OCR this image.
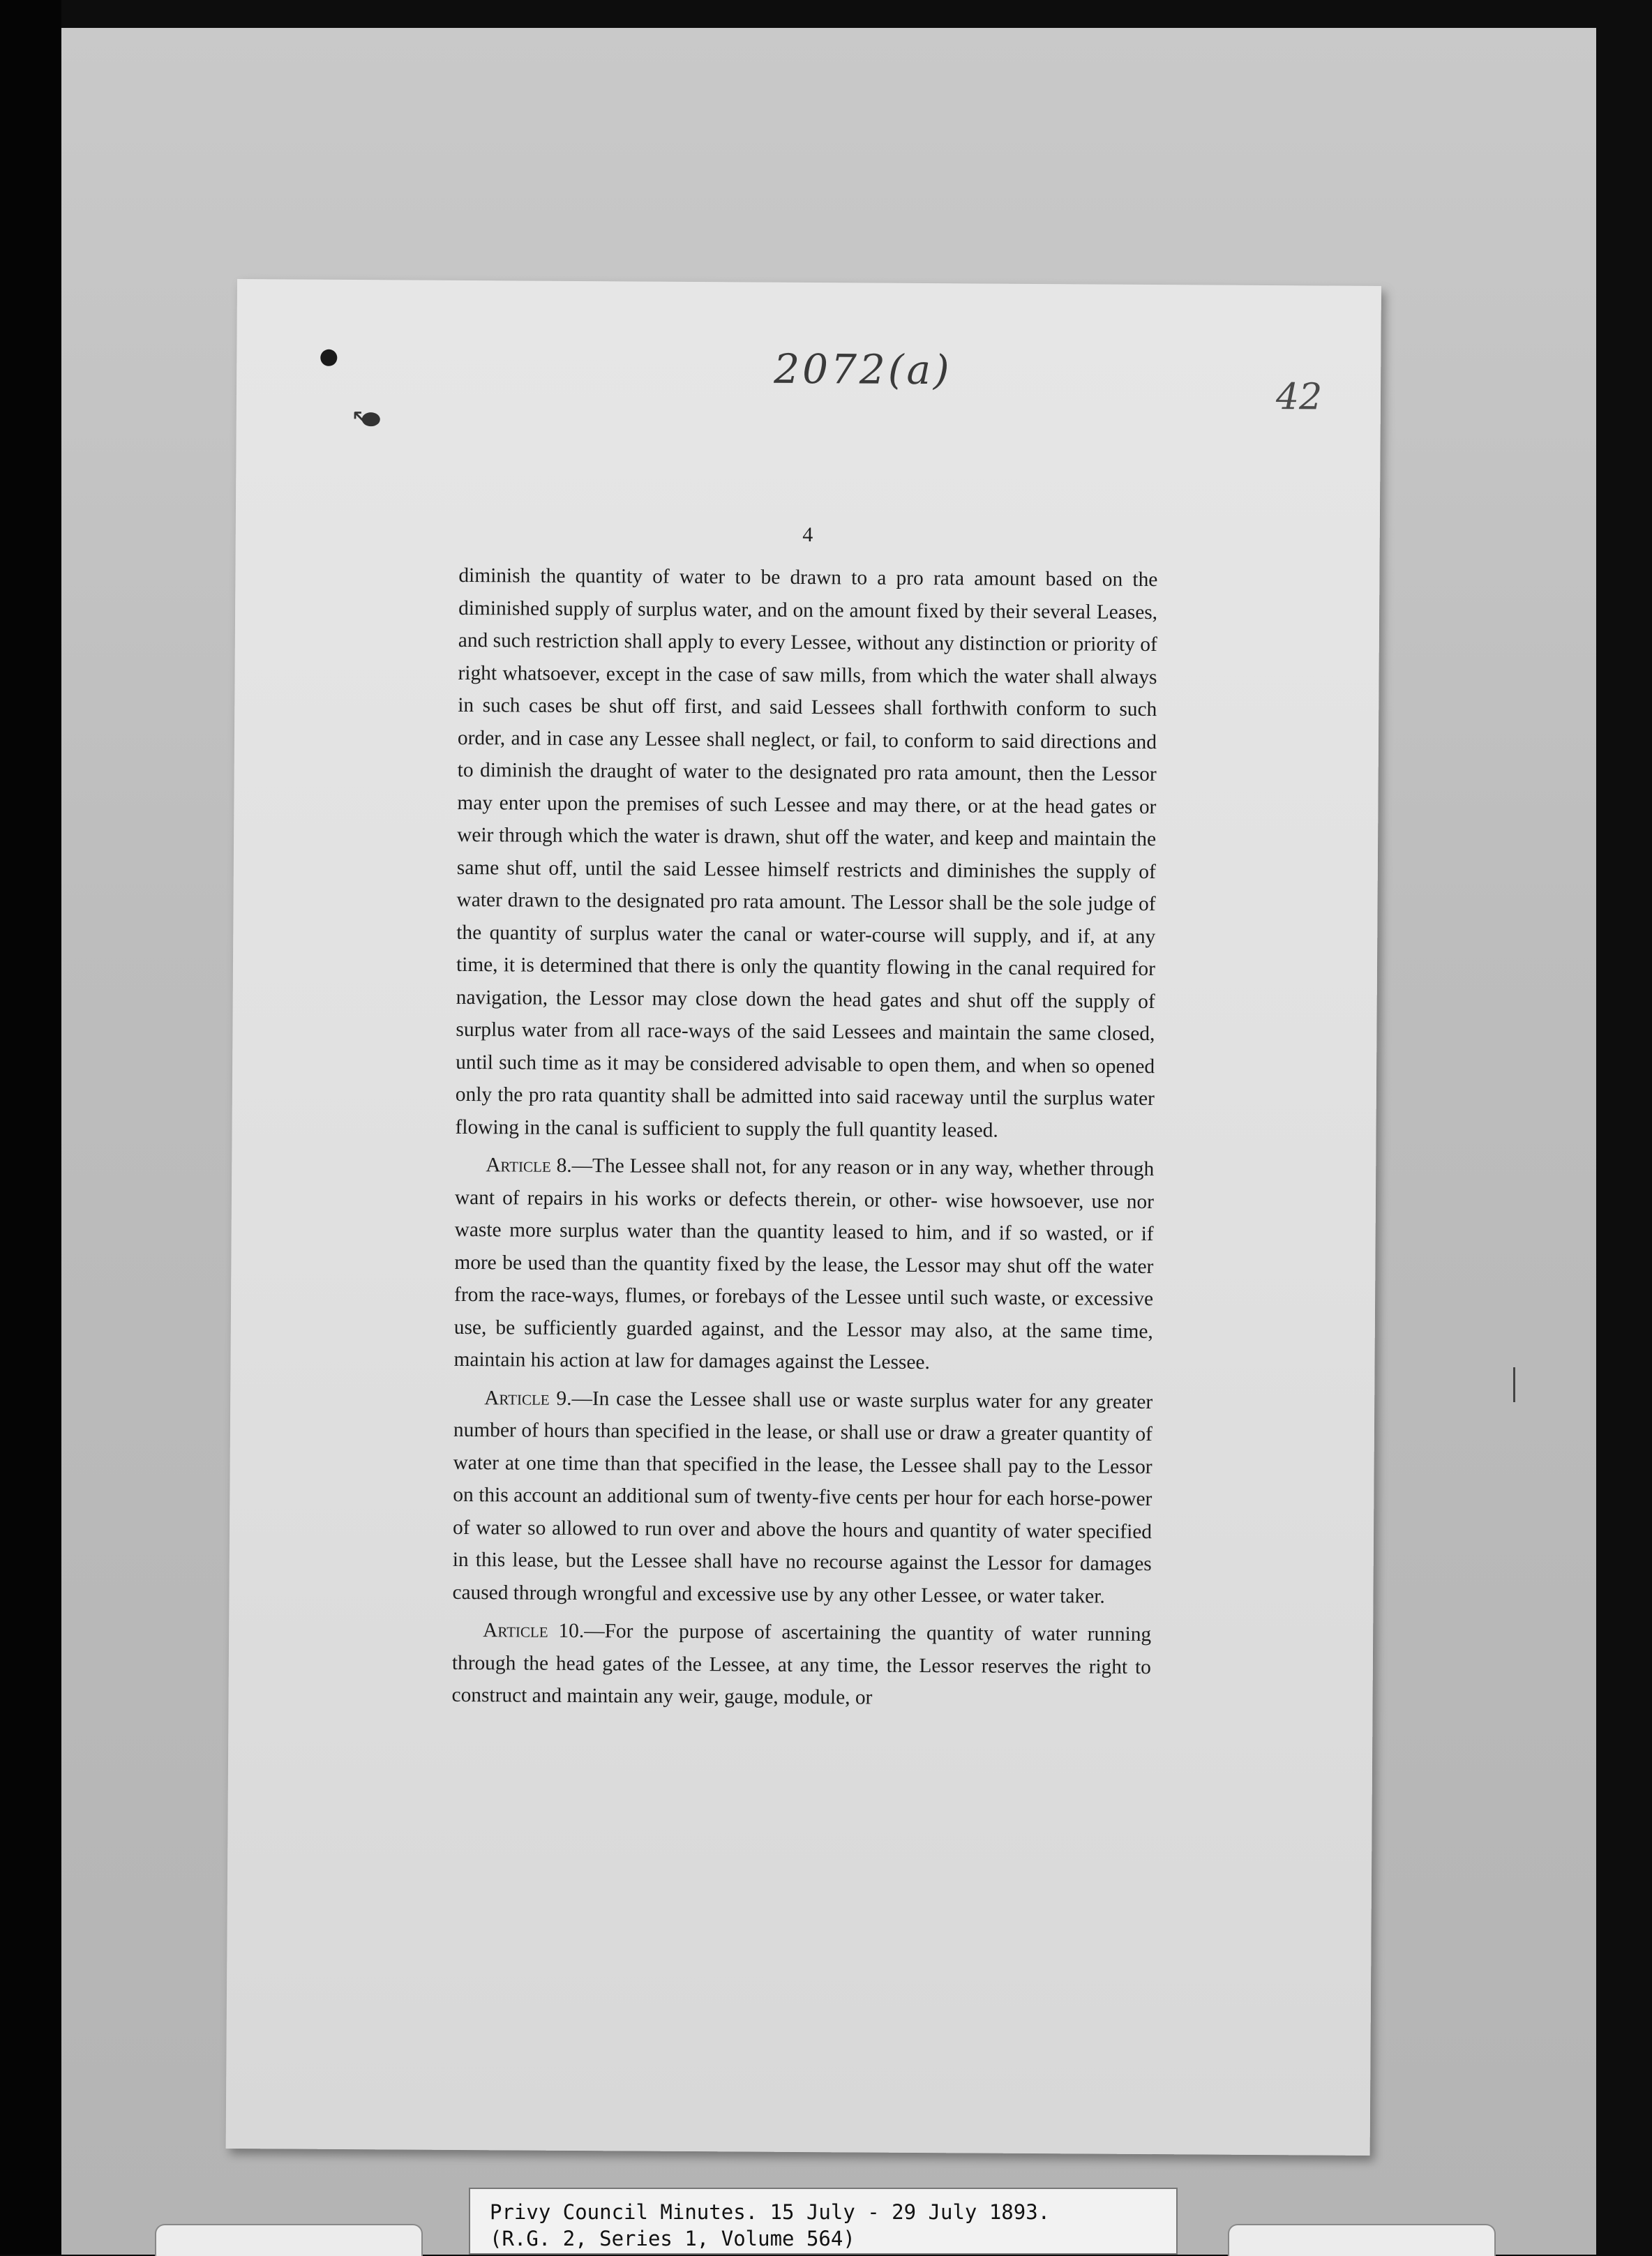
↖
2072(a)
42
4

diminish the quantity of water to be drawn to a pro rata amount based on the diminished supply of surplus water, and on the amount fixed by their several Leases, and such restriction shall apply to every Lessee, without any distinction or priority of right whatsoever, except in the case of saw mills, from which the water shall always in such cases be shut off first, and said Lessees shall forthwith conform to such order, and in case any Lessee shall neglect, or fail, to conform to said directions and to diminish the draught of water to the designated pro rata amount, then the Lessor may enter upon the premises of such Lessee and may there, or at the head gates or weir through which the water is drawn, shut off the water, and keep and maintain the same shut off, until the said Lessee himself restricts and diminishes the supply of water drawn to the designated pro rata amount. The Lessor shall be the sole judge of the quantity of surplus water the canal or water-course will supply, and if, at any time, it is determined that there is only the quantity flowing in the canal required for navigation, the Lessor may close down the head gates and shut off the supply of surplus water from all race-ways of the said Lessees and maintain the same closed, until such time as it may be considered advisable to open them, and when so opened only the pro rata quantity shall be admitted into said raceway until the surplus water flowing in the canal is sufficient to supply the full quantity leased.

Article 8.—The Lessee shall not, for any reason or in any way, whether through want of repairs in his works or defects therein, or other- wise howsoever, use nor waste more surplus water than the quantity leased to him, and if so wasted, or if more be used than the quantity fixed by the lease, the Lessor may shut off the water from the race-ways, flumes, or forebays of the Lessee until such waste, or excessive use, be sufficiently guarded against, and the Lessor may also, at the same time, maintain his action at law for damages against the Lessee.

Article 9.—In case the Lessee shall use or waste surplus water for any greater number of hours than specified in the lease, or shall use or draw a greater quantity of water at one time than that specified in the lease, the Lessee shall pay to the Lessor on this account an additional sum of twenty-five cents per hour for each horse-power of water so allowed to run over and above the hours and quantity of water specified in this lease, but the Lessee shall have no recourse against the Lessor for damages caused through wrongful and excessive use by any other Lessee, or water taker.

Article 10.—For the purpose of ascertaining the quantity of water running through the head gates of the Lessee, at any time, the Lessor reserves the right to construct and maintain any weir, gauge, module, or

Privy Council Minutes. 15 July - 29 July 1893.
(R.G. 2, Series 1, Volume 564)
